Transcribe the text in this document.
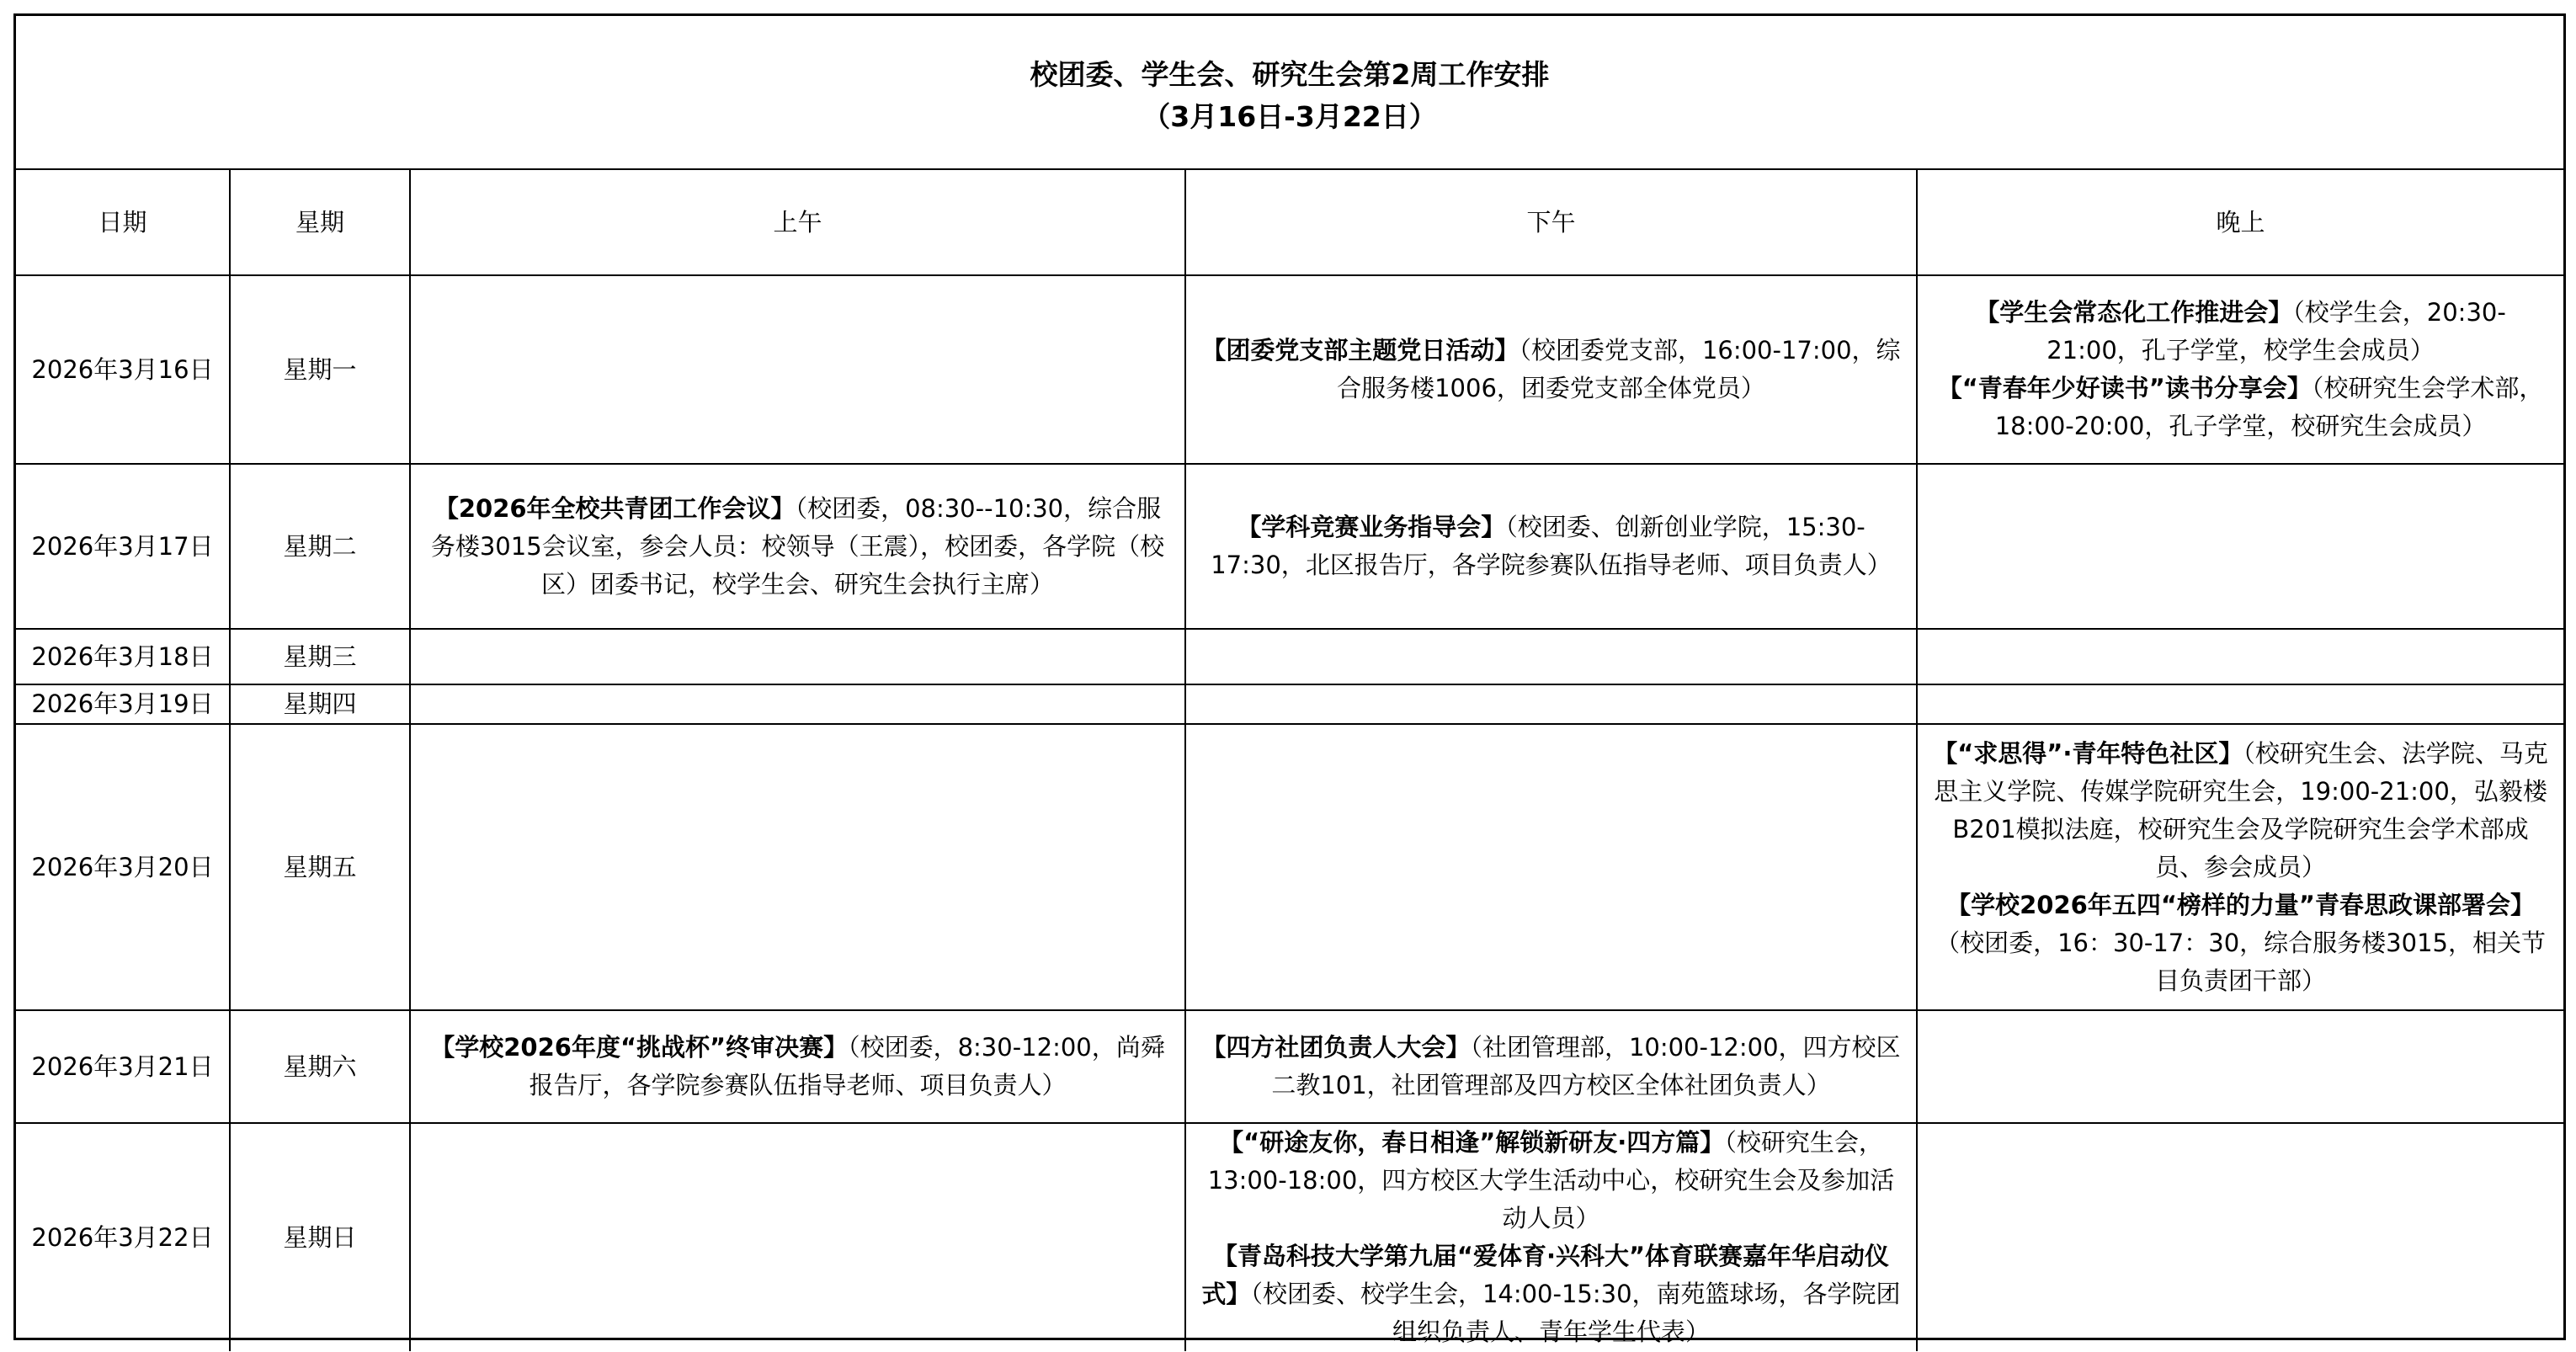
校团委、学生会、研究生会第2周工作安排
（3月16日-3月22日）				

日期	星期	上午	下午	晚上
2026年3月16日	星期一		【团委党支部主题党日活动】（校团委党支部，16:00-17:00，综合服务楼1006，团委党支部全体党员）	【学生会常态化工作推进会】（校学生会，20:30-21:00，孔子学堂，校学生会成员）
【“青春年少好读书”读书分享会】（校研究生会学术部，18:00-20:00，孔子学堂，校研究生会成员）

2026年3月17日	星期二	【2026年全校共青团工作会议】（校团委，08:30--10:30，综合服务楼3015会议室，参会人员：校领导（王震），校团委，各学院（校区）团委书记，校学生会、研究生会执行主席）	【学科竞赛业务指导会】（校团委、创新创业学院，15:30-17:30，北区报告厅，各学院参赛队伍指导老师、项目负责人）	

2026年3月18日	星期三			
2026年3月19日	星期四			
2026年3月20日	星期五			【“求思得”·青年特色社区】（校研究生会、法学院、马克思主义学院、传媒学院研究生会，19:00-21:00，弘毅楼B201模拟法庭，校研究生会及学院研究生会学术部成员、参会成员）
【学校2026年五四“榜样的力量”青春思政课部署会】（校团委，16：30-17：30，综合服务楼3015，相关节目负责团干部）

2026年3月21日	星期六	【学校2026年度“挑战杯”终审决赛】（校团委，8:30-12:00，尚舜报告厅，各学院参赛队伍指导老师、项目负责人）	【四方社团负责人大会】（社团管理部，10:00-12:00，四方校区二教101，社团管理部及四方校区全体社团负责人）	

2026年3月22日	星期日		【“研途友你，春日相逢”解锁新研友·四方篇】（校研究生会，13:00-18:00，四方校区大学生活动中心，校研究生会及参加活动人员）
【青岛科技大学第九届“爱体育·兴科大”体育联赛嘉年华启动仪式】（校团委、校学生会，14:00-15:30，南苑篮球场，各学院团组织负责人、青年学生代表）	
